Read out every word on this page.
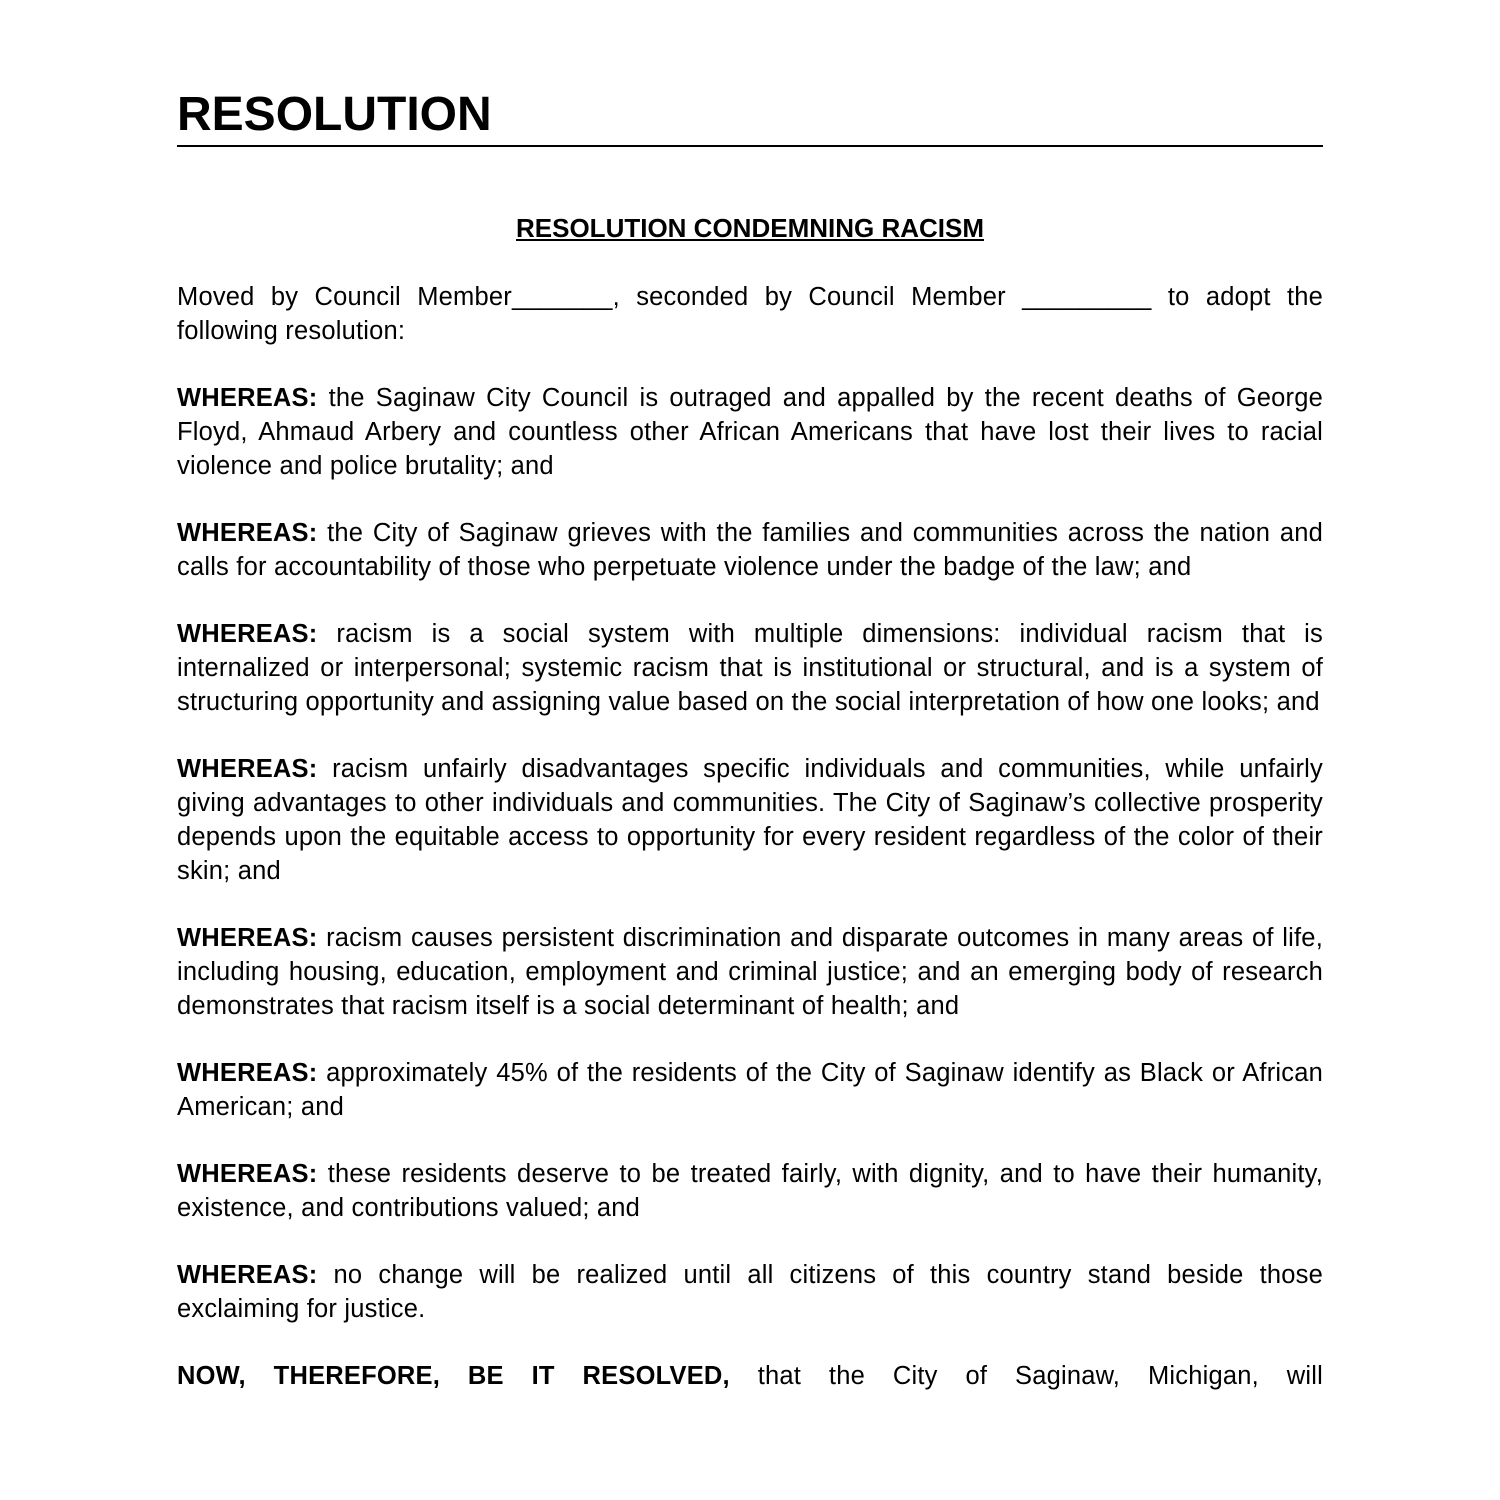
RESOLUTION
RESOLUTION CONDEMNING RACISM

Moved by Council Member_______, seconded by Council Member _________ to adopt the following resolution:

WHEREAS: the Saginaw City Council is outraged and appalled by the recent deaths of George Floyd, Ahmaud Arbery and countless other African Americans that have lost their lives to racial violence and police brutality; and

WHEREAS: the City of Saginaw grieves with the families and communities across the nation and calls for accountability of those who perpetuate violence under the badge of the law; and

WHEREAS: racism is a social system with multiple dimensions: individual racism that is internalized or interpersonal; systemic racism that is institutional or structural, and is a system of structuring opportunity and assigning value based on the social interpretation of how one looks; and

WHEREAS: racism unfairly disadvantages specific individuals and communities, while unfairly giving advantages to other individuals and communities. The City of Saginaw’s collective prosperity depends upon the equitable access to opportunity for every resident regardless of the color of their skin; and

WHEREAS: racism causes persistent discrimination and disparate outcomes in many areas of life, including housing, education, employment and criminal justice; and an emerging body of research demonstrates that racism itself is a social determinant of health; and

WHEREAS: approximately 45% of the residents of the City of Saginaw identify as Black or African American; and

WHEREAS: these residents deserve to be treated fairly, with dignity, and to have their humanity, existence, and contributions valued; and

WHEREAS: no change will be realized until all citizens of this country stand beside those exclaiming for justice.

NOW, THEREFORE, BE IT RESOLVED, that the City of Saginaw, Michigan, will
